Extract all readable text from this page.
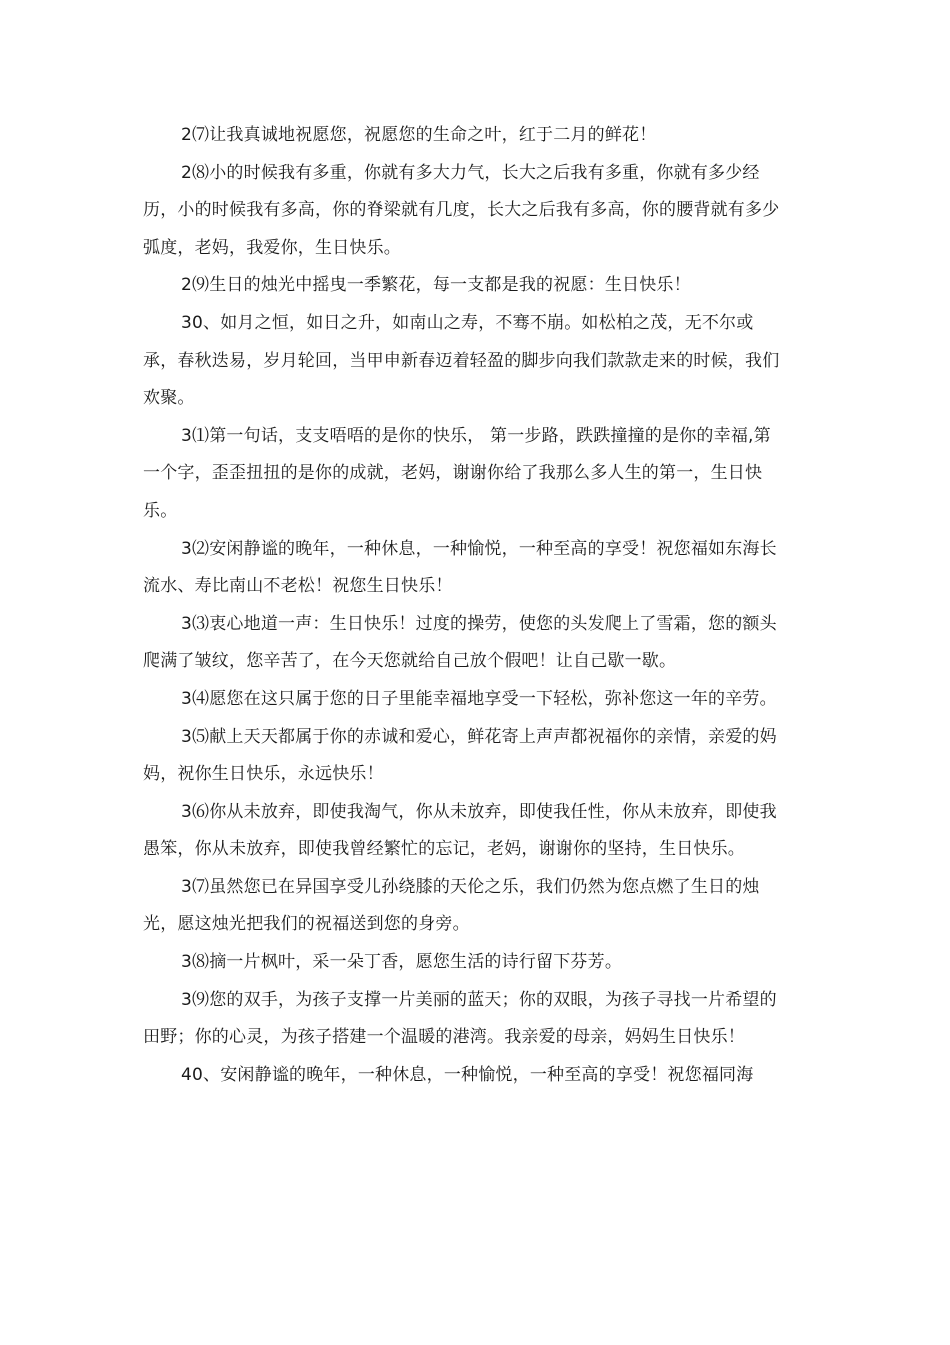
2⑺让我真诚地祝愿您，祝愿您的生命之叶，红于二月的鲜花！

2⑻小的时候我有多重，你就有多大力气，长大之后我有多重，你就有多少经历，小的时候我有多高，你的脊梁就有几度，长大之后我有多高，你的腰背就有多少弧度，老妈，我爱你，生日快乐。

2⑼生日的烛光中摇曳一季繁花，每一支都是我的祝愿：生日快乐！

30、如月之恒，如日之升，如南山之寿，不骞不崩。如松柏之茂，无不尔或承，春秋迭易，岁月轮回，当甲申新春迈着轻盈的脚步向我们款款走来的时候，我们欢聚。

3⑴第一句话，支支唔唔的是你的快乐， 第一步路，跌跌撞撞的是你的幸福,第一个字，歪歪扭扭的是你的成就，老妈，谢谢你给了我那么多人生的第一，生日快乐。

3⑵安闲静谧的晚年，一种休息，一种愉悦，一种至高的享受！祝您福如东海长流水、寿比南山不老松！祝您生日快乐！

3⑶衷心地道一声：生日快乐！过度的操劳，使您的头发爬上了雪霜，您的额头爬满了皱纹，您辛苦了，在今天您就给自己放个假吧！让自己歇一歇。

3⑷愿您在这只属于您的日子里能幸福地享受一下轻松，弥补您这一年的辛劳。

3⑸献上天天都属于你的赤诚和爱心，鲜花寄上声声都祝福你的亲情，亲爱的妈妈，祝你生日快乐，永远快乐！

3⑹你从未放弃，即使我淘气，你从未放弃，即使我任性，你从未放弃，即使我愚笨，你从未放弃，即使我曾经繁忙的忘记，老妈，谢谢你的坚持，生日快乐。

3⑺虽然您已在异国享受儿孙绕膝的天伦之乐，我们仍然为您点燃了生日的烛光，愿这烛光把我们的祝福送到您的身旁。

3⑻摘一片枫叶，采一朵丁香，愿您生活的诗行留下芬芳。

3⑼您的双手，为孩子支撑一片美丽的蓝天；你的双眼，为孩子寻找一片希望的田野；你的心灵，为孩子搭建一个温暖的港湾。我亲爱的母亲，妈妈生日快乐！

40、安闲静谧的晚年，一种休息，一种愉悦，一种至高的享受！祝您福同海
